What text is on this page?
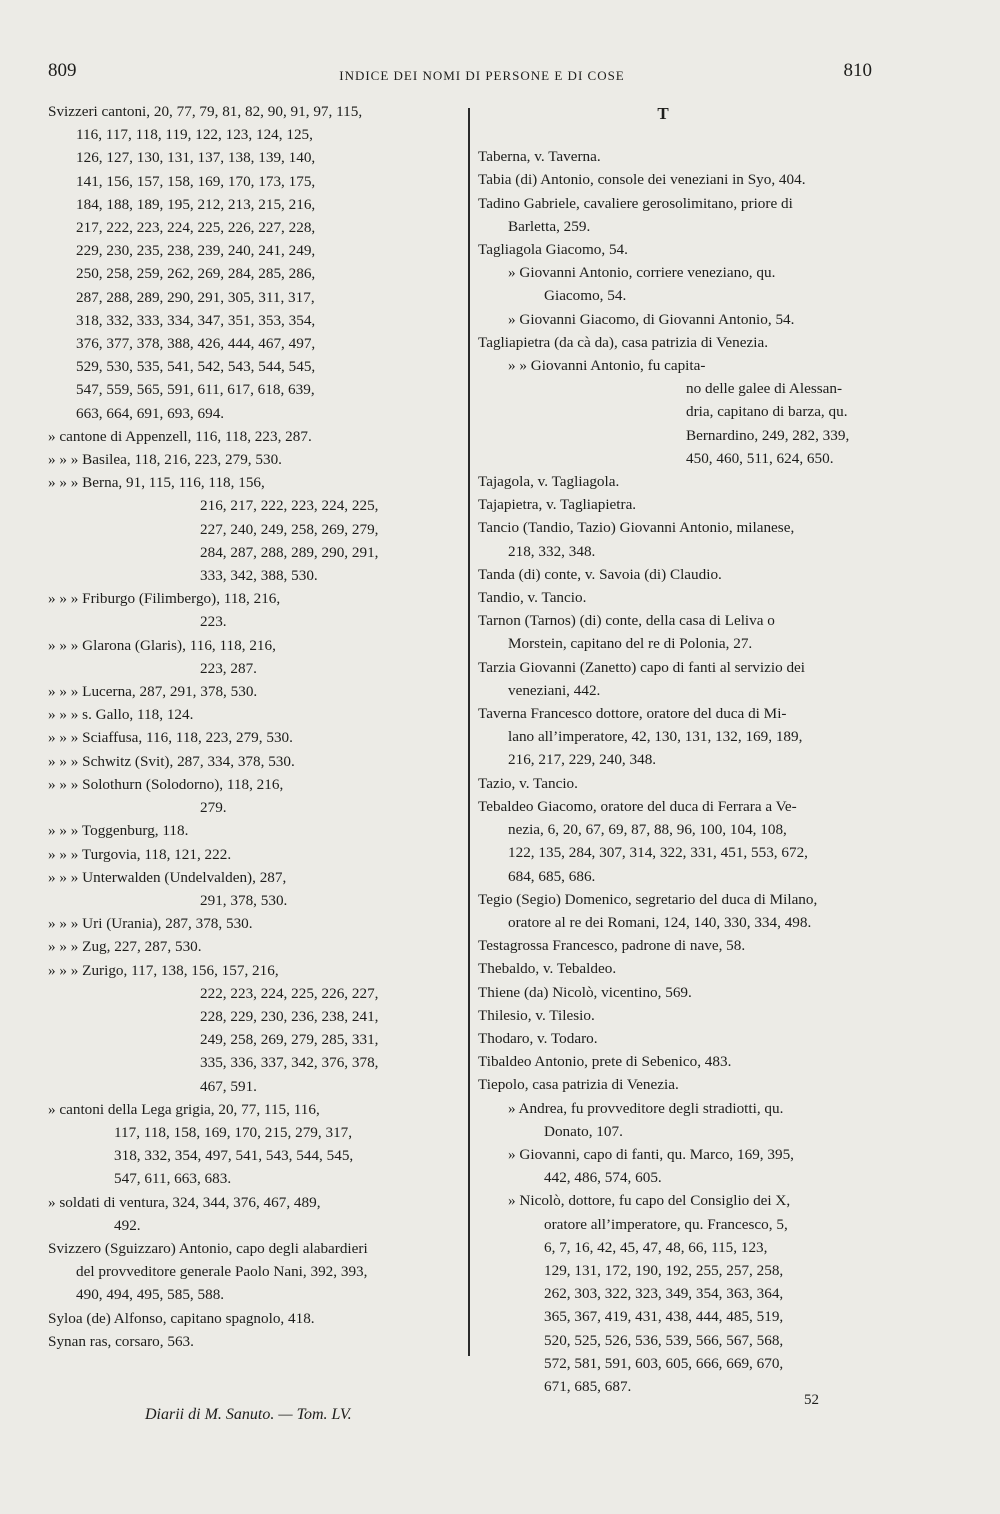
809	INDICE DEI NOMI DI PERSONE E DI COSE	810
Svizzeri cantoni, 20, 77, 79, 81, 82, 90, 91, 97, 115,
116, 117, 118, 119, 122, 123, 124, 125,
126, 127, 130, 131, 137, 138, 139, 140,
141, 156, 157, 158, 169, 170, 173, 175,
184, 188, 189, 195, 212, 213, 215, 216,
217, 222, 223, 224, 225, 226, 227, 228,
229, 230, 235, 238, 239, 240, 241, 249,
250, 258, 259, 262, 269, 284, 285, 286,
287, 288, 289, 290, 291, 305, 311, 317,
318, 332, 333, 334, 347, 351, 353, 354,
376, 377, 378, 388, 426, 444, 467, 497,
529, 530, 535, 541, 542, 543, 544, 545,
547, 559, 565, 591, 611, 617, 618, 639,
663, 664, 691, 693, 694.
» cantone di Appenzell, 116, 118, 223, 287.
» » » Basilea, 118, 216, 223, 279, 530.
» » » Berna, 91, 115, 116, 118, 156,
216, 217, 222, 223, 224, 225,
227, 240, 249, 258, 269, 279,
284, 287, 288, 289, 290, 291,
333, 342, 388, 530.
» » » Friburgo (Filimbergo), 118, 216,
223.
» » » Glarona (Glaris), 116, 118, 216,
223, 287.
» » » Lucerna, 287, 291, 378, 530.
» » » s. Gallo, 118, 124.
» » » Sciaffusa, 116, 118, 223, 279, 530.
» » » Schwitz (Svit), 287, 334, 378, 530.
» » » Solothurn (Solodorno), 118, 216,
279.
» » » Toggenburg, 118.
» » » Turgovia, 118, 121, 222.
» » » Unterwalden (Undelvalden), 287,
291, 378, 530.
» » » Uri (Urania), 287, 378, 530.
» » » Zug, 227, 287, 530.
» » » Zurigo, 117, 138, 156, 157, 216,
222, 223, 224, 225, 226, 227,
228, 229, 230, 236, 238, 241,
249, 258, 269, 279, 285, 331,
335, 336, 337, 342, 376, 378,
467, 591.
» cantoni della Lega grigia, 20, 77, 115, 116,
117, 118, 158, 169, 170, 215, 279, 317,
318, 332, 354, 497, 541, 543, 544, 545,
547, 611, 663, 683.
» soldati di ventura, 324, 344, 376, 467, 489,
492.
Svizzero (Sguizzaro) Antonio, capo degli alabardieri
del provveditore generale Paolo Nani, 392, 393,
490, 494, 495, 585, 588.
Syloa (de) Alfonso, capitano spagnolo, 418.
Synan ras, corsaro, 563.
T
Taberna, v. Taverna.
Tabia (di) Antonio, console dei veneziani in Syo, 404.
Tadino Gabriele, cavaliere gerosolimitano, priore di
Barletta, 259.
Tagliagola Giacomo, 54.
» Giovanni Antonio, corriere veneziano, qu.
Giacomo, 54.
» Giovanni Giacomo, di Giovanni Antonio, 54.
Tagliapietra (da cà da), casa patrizia di Venezia.
» » Giovanni Antonio, fu capita-
no delle galee di Alessan-
dria, capitano di barza, qu.
Bernardino, 249, 282, 339,
450, 460, 511, 624, 650.
Tajagola, v. Tagliagola.
Tajapietra, v. Tagliapietra.
Tancio (Tandio, Tazio) Giovanni Antonio, milanese,
218, 332, 348.
Tanda (di) conte, v. Savoia (di) Claudio.
Tandio, v. Tancio.
Tarnon (Tarnos) (di) conte, della casa di Leliva o
Morstein, capitano del re di Polonia, 27.
Tarzia Giovanni (Zanetto) capo di fanti al servizio dei
veneziani, 442.
Taverna Francesco dottore, oratore del duca di Mi-
lano all’imperatore, 42, 130, 131, 132, 169, 189,
216, 217, 229, 240, 348.
Tazio, v. Tancio.
Tebaldeo Giacomo, oratore del duca di Ferrara a Ve-
nezia, 6, 20, 67, 69, 87, 88, 96, 100, 104, 108,
122, 135, 284, 307, 314, 322, 331, 451, 553, 672,
684, 685, 686.
Tegio (Segio) Domenico, segretario del duca di Milano,
oratore al re dei Romani, 124, 140, 330, 334, 498.
Testagrossa Francesco, padrone di nave, 58.
Thebaldo, v. Tebaldeo.
Thiene (da) Nicolò, vicentino, 569.
Thilesio, v. Tilesio.
Thodaro, v. Todaro.
Tibaldeo Antonio, prete di Sebenico, 483.
Tiepolo, casa patrizia di Venezia.
» Andrea, fu provveditore degli stradiotti, qu.
Donato, 107.
» Giovanni, capo di fanti, qu. Marco, 169, 395,
442, 486, 574, 605.
» Nicolò, dottore, fu capo del Consiglio dei X,
oratore all’imperatore, qu. Francesco, 5,
6, 7, 16, 42, 45, 47, 48, 66, 115, 123,
129, 131, 172, 190, 192, 255, 257, 258,
262, 303, 322, 323, 349, 354, 363, 364,
365, 367, 419, 431, 438, 444, 485, 519,
520, 525, 526, 536, 539, 566, 567, 568,
572, 581, 591, 603, 605, 666, 669, 670,
671, 685, 687.
Diarii di M. Sanuto. — Tom. LV.
52
